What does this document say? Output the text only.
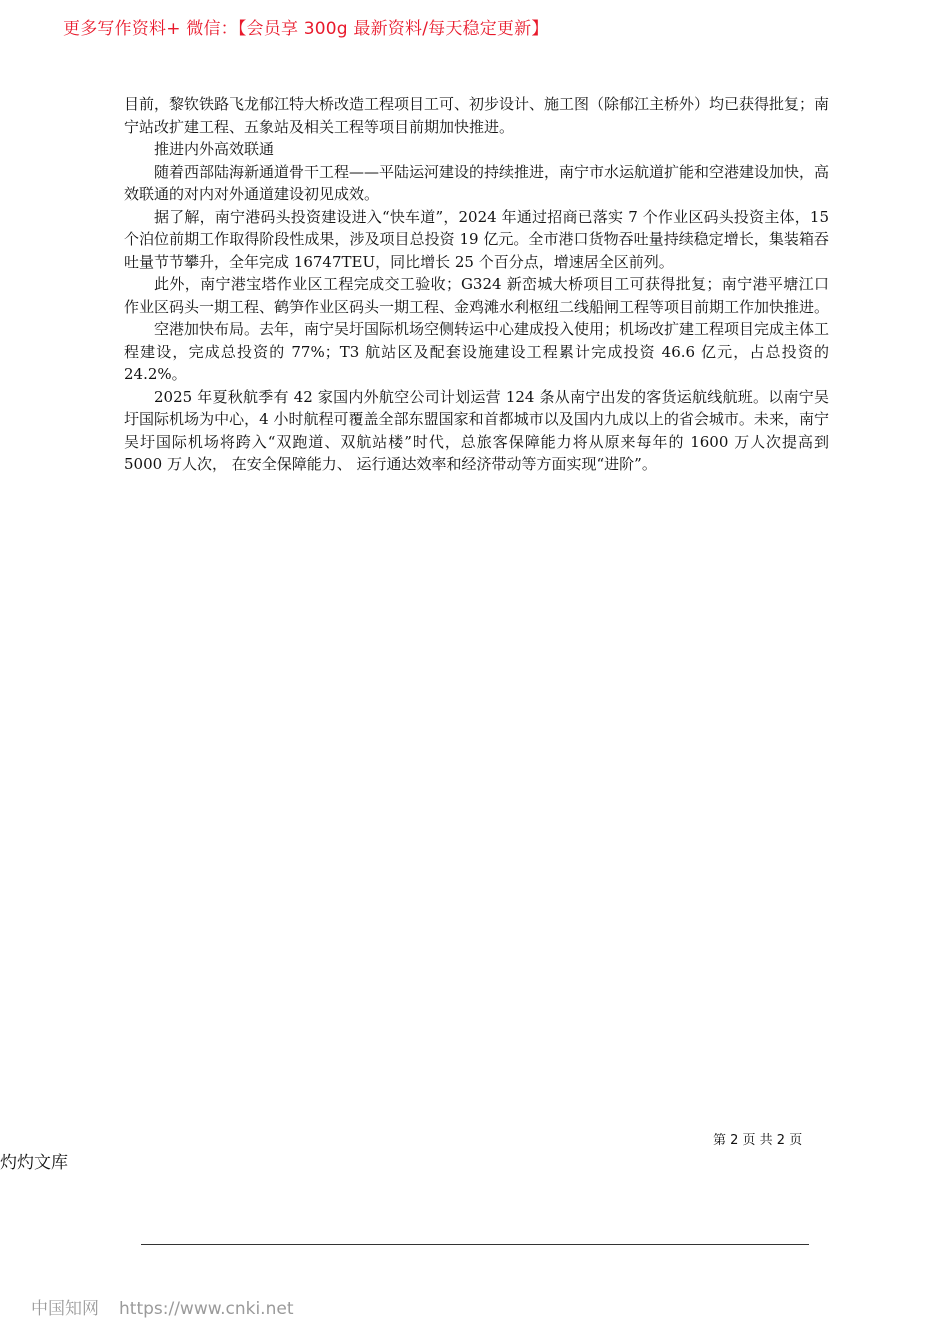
更多写作资料+ 微信：【会员享 300g 最新资料/每天稳定更新】

目前，黎钦铁路飞龙郁江特大桥改造工程项目工可、初步设计、施工图（除郁江主桥外）均已获得批复；南宁站改扩建工程、五象站及相关工程等项目前期加快推进。

推进内外高效联通

随着西部陆海新通道骨干工程——平陆运河建设的持续推进，南宁市水运航道扩能和空港建设加快，高效联通的对内对外通道建设初见成效。

据了解，南宁港码头投资建设进入“快车道”，2024 年通过招商已落实 7 个作业区码头投资主体，15 个泊位前期工作取得阶段性成果，涉及项目总投资 19 亿元。全市港口货物吞吐量持续稳定增长，集装箱吞吐量节节攀升，全年完成 16747TEU，同比增长 25 个百分点，增速居全区前列。

此外，南宁港宝塔作业区工程完成交工验收；G324 新峦城大桥项目工可获得批复；南宁港平塘江口作业区码头一期工程、鹤笋作业区码头一期工程、金鸡滩水利枢纽二线船闸工程等项目前期工作加快推进。

空港加快布局。去年，南宁吴圩国际机场空侧转运中心建成投入使用；机场改扩建工程项目完成主体工程建设，完成总投资的 77%；T3 航站区及配套设施建设工程累计完成投资 46.6 亿元，占总投资的 24.2%。

2025 年夏秋航季有 42 家国内外航空公司计划运营 124 条从南宁出发的客货运航线航班。以南宁吴圩国际机场为中心，4 小时航程可覆盖全部东盟国家和首都城市以及国内九成以上的省会城市。未来，南宁吴圩国际机场将跨入“双跑道、双航站楼”时代，总旅客保障能力将从原来每年的 1600 万人次提高到 5000 万人次， 在安全保障能力、 运行通达效率和经济带动等方面实现“进阶”。

第 2 页 共 2 页
灼灼文库
中国知网 https://www.cnki.net
